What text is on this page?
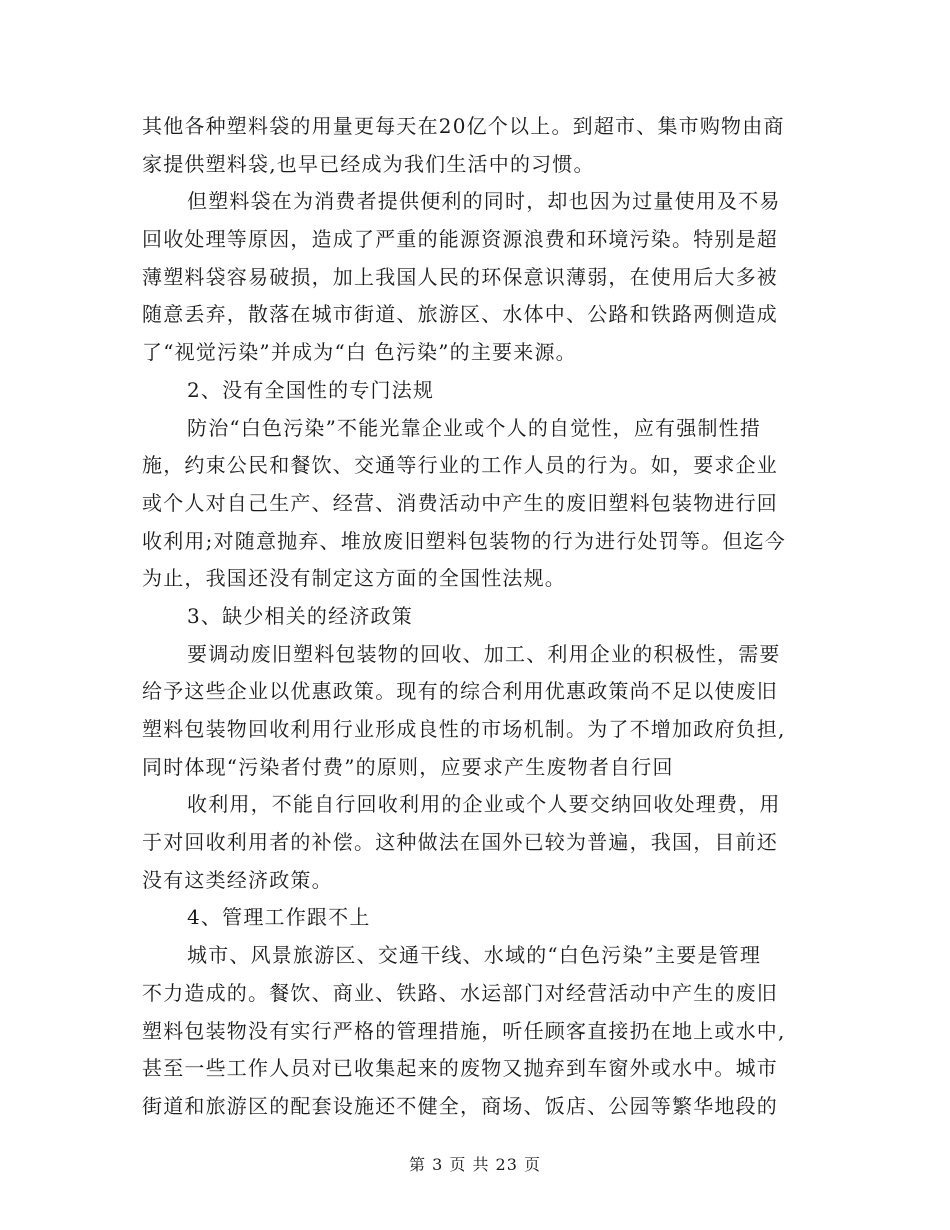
其他各种塑料袋的用量更每天在20亿个以上。到超市、集市购物由商
家提供塑料袋,也早已经成为我们生活中的习惯。
但塑料袋在为消费者提供便利的同时，却也因为过量使用及不易
回收处理等原因，造成了严重的能源资源浪费和环境污染。特别是超
薄塑料袋容易破损，加上我国人民的环保意识薄弱，在使用后大多被
随意丢弃，散落在城市街道、旅游区、水体中、公路和铁路两侧造成
了“视觉污染”并成为“白 色污染”的主要来源。
2、没有全国性的专门法规
防治“白色污染”不能光靠企业或个人的自觉性，应有强制性措
施，约束公民和餐饮、交通等行业的工作人员的行为。如，要求企业
或个人对自己生产、经营、消费活动中产生的废旧塑料包装物进行回
收利用;对随意抛弃、堆放废旧塑料包装物的行为进行处罚等。但迄今
为止，我国还没有制定这方面的全国性法规。
3、缺少相关的经济政策
要调动废旧塑料包装物的回收、加工、利用企业的积极性，需要
给予这些企业以优惠政策。现有的综合利用优惠政策尚不足以使废旧
塑料包装物回收利用行业形成良性的市场机制。为了不增加政府负担,
同时体现“污染者付费”的原则，应要求产生废物者自行回
收利用，不能自行回收利用的企业或个人要交纳回收处理费，用
于对回收利用者的补偿。这种做法在国外已较为普遍，我国，目前还
没有这类经济政策。
4、管理工作跟不上
城市、风景旅游区、交通干线、水域的“白色污染”主要是管理
不力造成的。餐饮、商业、铁路、水运部门对经营活动中产生的废旧
塑料包装物没有实行严格的管理措施，听任顾客直接扔在地上或水中,
甚至一些工作人员对已收集起来的废物又抛弃到车窗外或水中。城市
街道和旅游区的配套设施还不健全，商场、饭店、公园等繁华地段的
第 3 页 共 23 页
